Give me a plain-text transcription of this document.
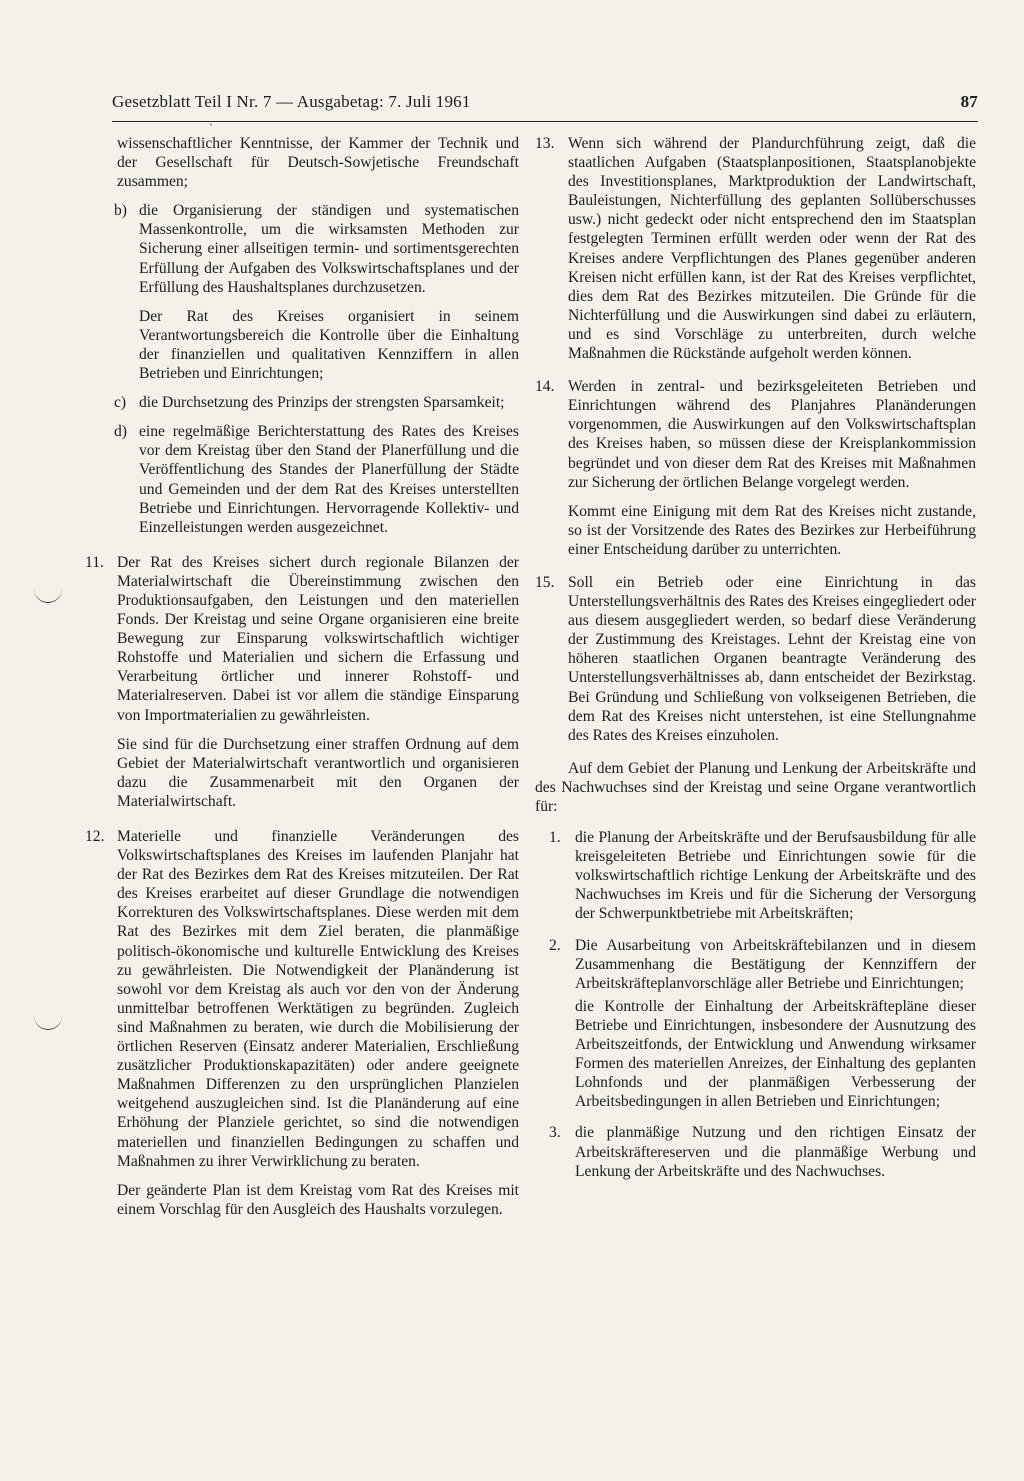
Gesetzblatt Teil I Nr. 7 — Ausgabetag: 7. Juli 1961	87
ˋ
wissenschaftlicher Kenntnisse, der Kammer der Technik und der Gesellschaft für Deutsch-Sowjetische Freundschaft zusammen;
b) die Organisierung der ständigen und systematischen Massenkontrolle, um die wirksamsten Methoden zur Sicherung einer allseitigen termin- und sortimentsgerechten Erfüllung der Aufgaben des Volkswirtschaftsplanes und der Erfüllung des Haushaltsplanes durchzusetzen.
Der Rat des Kreises organisiert in seinem Verantwortungsbereich die Kontrolle über die Einhaltung der finanziellen und qualitativen Kennziffern in allen Betrieben und Einrichtungen;
c) die Durchsetzung des Prinzips der strengsten Sparsamkeit;
d) eine regelmäßige Berichterstattung des Rates des Kreises vor dem Kreistag über den Stand der Planerfüllung und die Veröffentlichung des Standes der Planerfüllung der Städte und Gemeinden und der dem Rat des Kreises unterstellten Betriebe und Einrichtungen. Hervorragende Kollektiv- und Einzelleistungen werden ausgezeichnet.
11. Der Rat des Kreises sichert durch regionale Bilanzen der Materialwirtschaft die Übereinstimmung zwischen den Produktionsaufgaben, den Leistungen und den materiellen Fonds. Der Kreistag und seine Organe organisieren eine breite Bewegung zur Einsparung volkswirtschaftlich wichtiger Rohstoffe und Materialien und sichern die Erfassung und Verarbeitung örtlicher und innerer Rohstoff- und Materialreserven. Dabei ist vor allem die ständige Einsparung von Importmaterialien zu gewährleisten.
Sie sind für die Durchsetzung einer straffen Ordnung auf dem Gebiet der Materialwirtschaft verantwortlich und organisieren dazu die Zusammenarbeit mit den Organen der Materialwirtschaft.
12. Materielle und finanzielle Veränderungen des Volkswirtschaftsplanes des Kreises im laufenden Planjahr hat der Rat des Bezirkes dem Rat des Kreises mitzuteilen. Der Rat des Kreises erarbeitet auf dieser Grundlage die notwendigen Korrekturen des Volkswirtschaftsplanes. Diese werden mit dem Rat des Bezirkes mit dem Ziel beraten, die planmäßige politisch-ökonomische und kulturelle Entwicklung des Kreises zu gewährleisten. Die Notwendigkeit der Planänderung ist sowohl vor dem Kreistag als auch vor den von der Änderung unmittelbar betroffenen Werktätigen zu begründen. Zugleich sind Maßnahmen zu beraten, wie durch die Mobilisierung der örtlichen Reserven (Einsatz anderer Materialien, Erschließung zusätzlicher Produktionskapazitäten) oder andere geeignete Maßnahmen Differenzen zu den ursprünglichen Planzielen weitgehend auszugleichen sind. Ist die Planänderung auf eine Erhöhung der Planziele gerichtet, so sind die notwendigen materiellen und finanziellen Bedingungen zu schaffen und Maßnahmen zu ihrer Verwirklichung zu beraten.
Der geänderte Plan ist dem Kreistag vom Rat des Kreises mit einem Vorschlag für den Ausgleich des Haushalts vorzulegen.
13. Wenn sich während der Plandurchführung zeigt, daß die staatlichen Aufgaben (Staatsplanpositionen, Staatsplanobjekte des Investitionsplanes, Marktproduktion der Landwirtschaft, Bauleistungen, Nichterfüllung des geplanten Sollüberschusses usw.) nicht gedeckt oder nicht entsprechend den im Staatsplan festgelegten Terminen erfüllt werden oder wenn der Rat des Kreises andere Verpflichtungen des Planes gegenüber anderen Kreisen nicht erfüllen kann, ist der Rat des Kreises verpflichtet, dies dem Rat des Bezirkes mitzuteilen. Die Gründe für die Nichterfüllung und die Auswirkungen sind dabei zu erläutern, und es sind Vorschläge zu unterbreiten, durch welche Maßnahmen die Rückstände aufgeholt werden können.
14. Werden in zentral- und bezirksgeleiteten Betrieben und Einrichtungen während des Planjahres Planänderungen vorgenommen, die Auswirkungen auf den Volkswirtschaftsplan des Kreises haben, so müssen diese der Kreisplankommission begründet und von dieser dem Rat des Kreises mit Maßnahmen zur Sicherung der örtlichen Belange vorgelegt werden.
Kommt eine Einigung mit dem Rat des Kreises nicht zustande, so ist der Vorsitzende des Rates des Bezirkes zur Herbeiführung einer Entscheidung darüber zu unterrichten.
15. Soll ein Betrieb oder eine Einrichtung in das Unterstellungsverhältnis des Rates des Kreises eingegliedert oder aus diesem ausgegliedert werden, so bedarf diese Veränderung der Zustimmung des Kreistages. Lehnt der Kreistag eine von höheren staatlichen Organen beantragte Veränderung des Unterstellungsverhältnisses ab, dann entscheidet der Bezirkstag. Bei Gründung und Schließung von volkseigenen Betrieben, die dem Rat des Kreises nicht unterstehen, ist eine Stellungnahme des Rates des Kreises einzuholen.
Auf dem Gebiet der Planung und Lenkung der Arbeitskräfte und des Nachwuchses sind der Kreistag und seine Organe verantwortlich für:
1. die Planung der Arbeitskräfte und der Berufsausbildung für alle kreisgeleiteten Betriebe und Einrichtungen sowie für die volkswirtschaftlich richtige Lenkung der Arbeitskräfte und des Nachwuchses im Kreis und für die Sicherung der Versorgung der Schwerpunktbetriebe mit Arbeitskräften;
2. Die Ausarbeitung von Arbeitskräftebilanzen und in diesem Zusammenhang die Bestätigung der Kennziffern der Arbeitskräfteplanvorschläge aller Betriebe und Einrichtungen;
die Kontrolle der Einhaltung der Arbeitskräftepläne dieser Betriebe und Einrichtungen, insbesondere der Ausnutzung des Arbeitszeitfonds, der Entwicklung und Anwendung wirksamer Formen des materiellen Anreizes, der Einhaltung des geplanten Lohnfonds und der planmäßigen Verbesserung der Arbeitsbedingungen in allen Betrieben und Einrichtungen;
3. die planmäßige Nutzung und den richtigen Einsatz der Arbeitskräftereserven und die planmäßige Werbung und Lenkung der Arbeitskräfte und des Nachwuchses.
